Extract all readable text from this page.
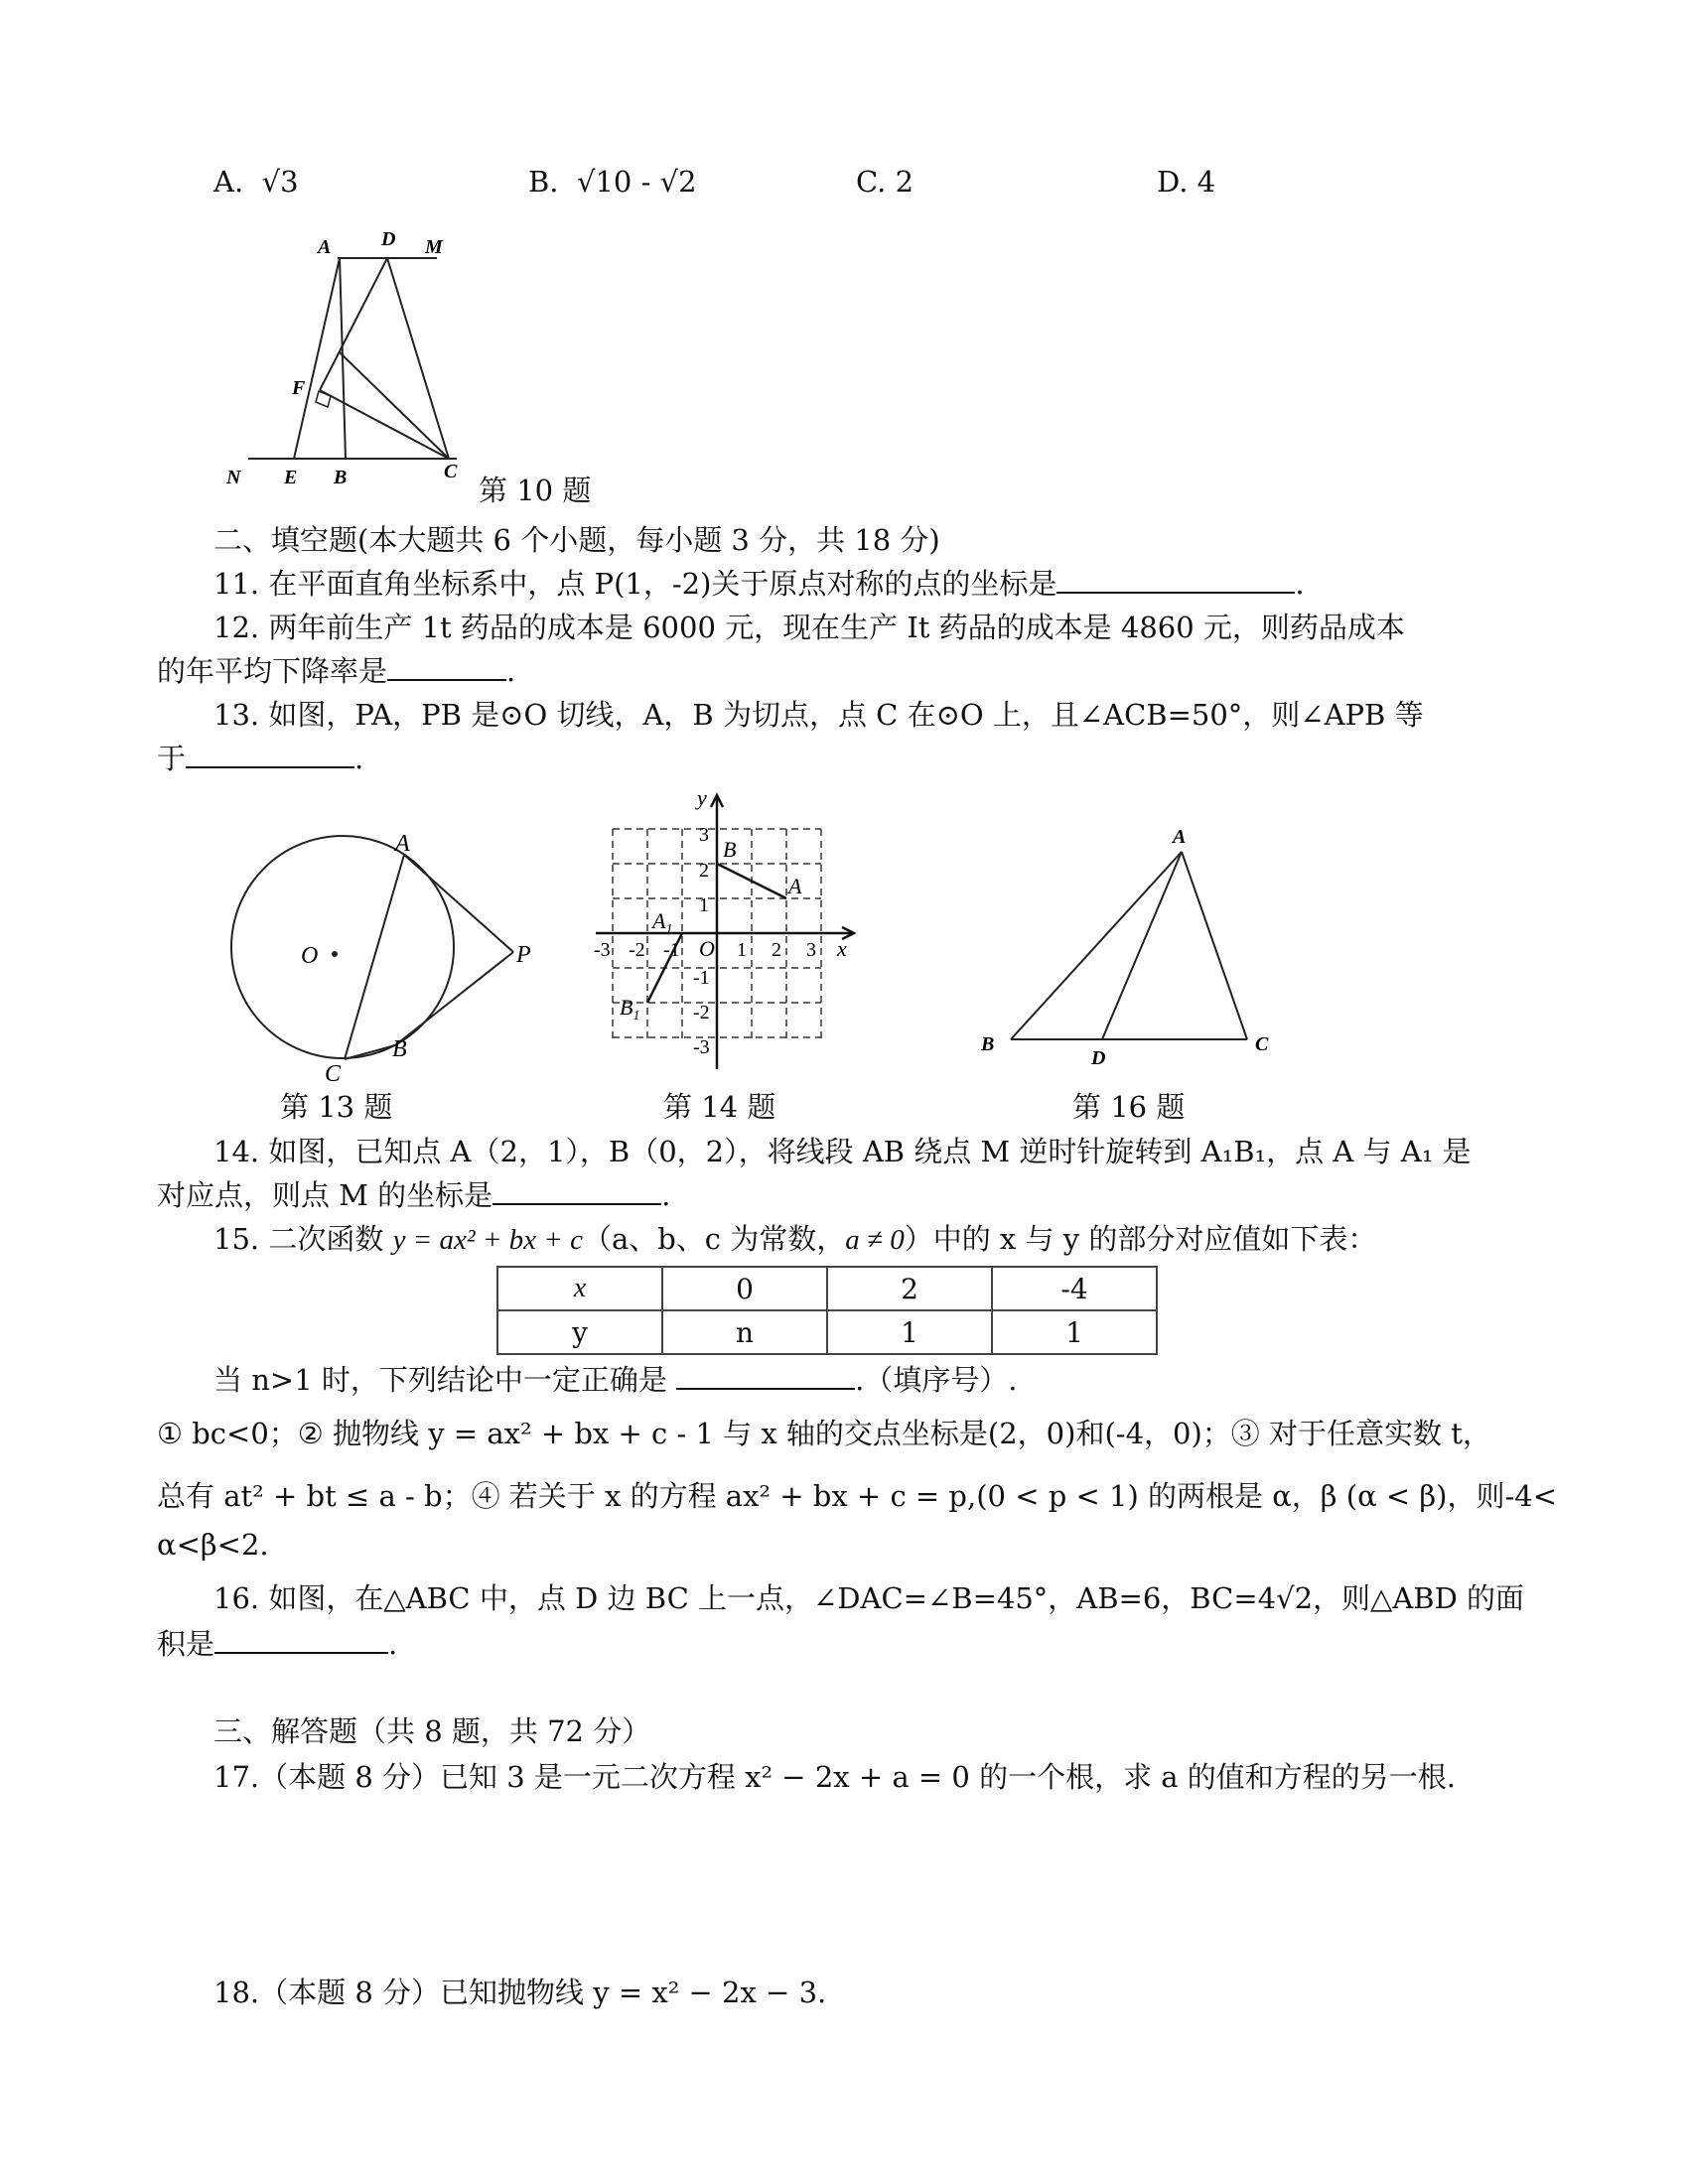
A. √3	B. √10 - √2	C. 2	D. 4
A	D M
F
N E B	C
第 10 题
二、填空题(本大题共 6 个小题，每小题 3 分，共 18 分)
11. 在平面直角坐标系中，点 P(1，-2)关于原点对称的点的坐标是	.
12. 两年前生产 1t 药品的成本是 6000 元，现在生产 It 药品的成本是 4860 元，则药品成本
的年平均下降率是	.
13. 如图，PA，PB 是⊙O 切线，A，B 为切点，点 C 在⊙O 上，且∠ACB=50°，则∠APB 等
于	.
A
O	P
B
C
第 13 题
y
x
O
B
A
$A_1$
$B_1$
-3 -2 -1	1 2 3
3
2
1
-1
-2
-3
第 14 题
A
B
D
C
第 16 题
14. 如图，已知点 A（2，1），B（0，2），将线段 AB 绕点 M 逆时针旋转到 A₁B₁，点 A 与 A₁ 是
对应点，则点 M 的坐标是	.
15. 二次函数 y = ax² + bx + c（a、b、c 为常数，a ≠ 0）中的 x 与 y 的部分对应值如下表：
x	0	2	-4
y	n	1	1
当 n>1 时，下列结论中一定正确是	.（填序号）.
① bc<0；② 抛物线 y = ax² + bx + c - 1 与 x 轴的交点坐标是(2，0)和(-4，0)；③ 对于任意实数 t，
总有 at² + bt ≤ a - b；④ 若关于 x 的方程 ax² + bx + c = p,(0 < p < 1) 的两根是 α，β (α < β)，则-4<
α<β<2.
16. 如图，在△ABC 中，点 D 边 BC 上一点，∠DAC=∠B=45°，AB=6，BC=4√2，则△ABD 的面
积是	.
三、解答题（共 8 题，共 72 分）
17.（本题 8 分）已知 3 是一元二次方程 x² − 2x + a = 0 的一个根，求 a 的值和方程的另一根.
18.（本题 8 分）已知抛物线 y = x² − 2x − 3.
